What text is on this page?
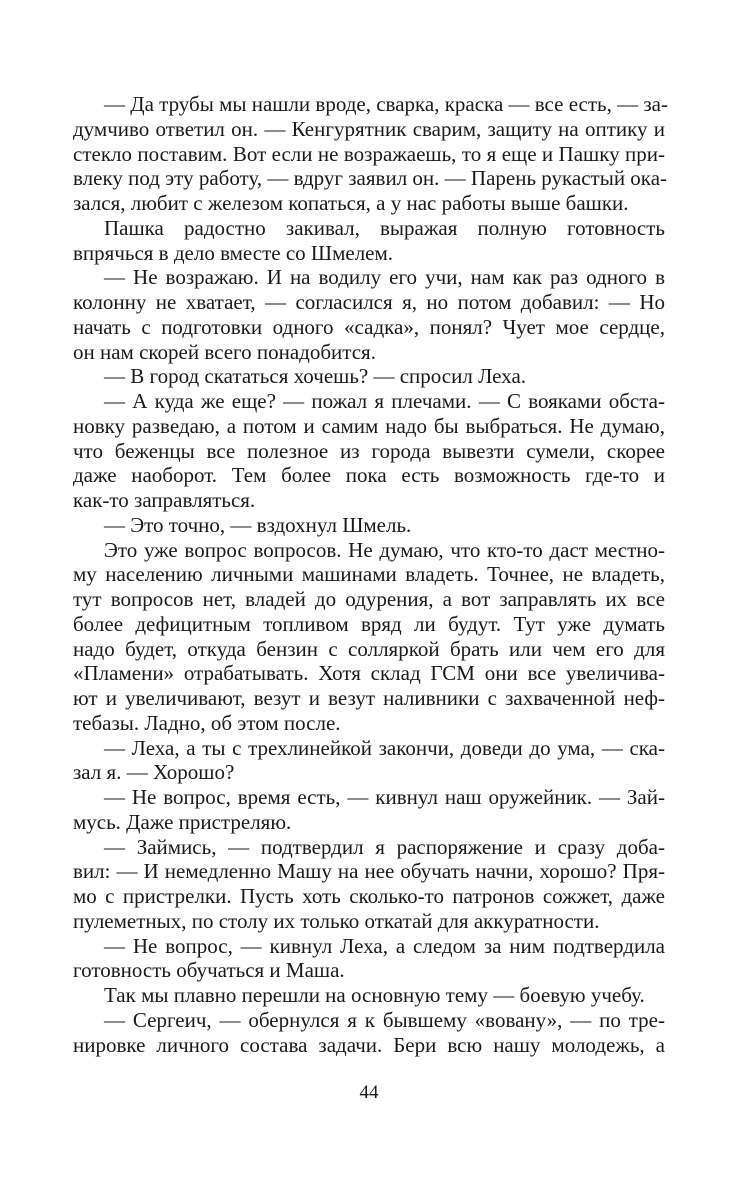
— Да трубы мы нашли вроде, сварка, краска — все есть, — за-
думчиво ответил он. — Кенгурятник сварим, защиту на оптику и
стекло поставим. Вот если не возражаешь, то я еще и Пашку при-
влеку под эту работу, — вдруг заявил он. — Парень рукастый ока-
зался, любит с железом копаться, а у нас работы выше башки.
Пашка радостно закивал, выражая полную готовность
впрячься в дело вместе со Шмелем.
— Не возражаю. И на водилу его учи, нам как раз одного в
колонну не хватает, — согласился я, но потом добавил: — Но
начать с подготовки одного «садка», понял? Чует мое сердце,
он нам скорей всего понадобится.
— В город скататься хочешь? — спросил Леха.
— А куда же еще? — пожал я плечами. — С вояками обста-
новку разведаю, а потом и самим надо бы выбраться. Не думаю,
что беженцы все полезное из города вывезти сумели, скорее
даже наоборот. Тем более пока есть возможность где-то и
как-то заправляться.
— Это точно, — вздохнул Шмель.
Это уже вопрос вопросов. Не думаю, что кто-то даст местно-
му населению личными машинами владеть. Точнее, не владеть,
тут вопросов нет, владей до одурения, а вот заправлять их все
более дефицитным топливом вряд ли будут. Тут уже думать
надо будет, откуда бензин с солляркой брать или чем его для
«Пламени» отрабатывать. Хотя склад ГСМ они все увеличива-
ют и увеличивают, везут и везут наливники с захваченной неф-
тебазы. Ладно, об этом после.
— Леха, а ты с трехлинейкой закончи, доведи до ума, — ска-
зал я. — Хорошо?
— Не вопрос, время есть, — кивнул наш оружейник. — Зай-
мусь. Даже пристреляю.
— Займись, — подтвердил я распоряжение и сразу доба-
вил: — И немедленно Машу на нее обучать начни, хорошо? Пря-
мо с пристрелки. Пусть хоть сколько-то патронов сожжет, даже
пулеметных, по столу их только откатай для аккуратности.
— Не вопрос, — кивнул Леха, а следом за ним подтвердила
готовность обучаться и Маша.
Так мы плавно перешли на основную тему — боевую учебу.
— Сергеич, — обернулся я к бывшему «вовану», — по тре-
нировке личного состава задачи. Бери всю нашу молодежь, а
44
